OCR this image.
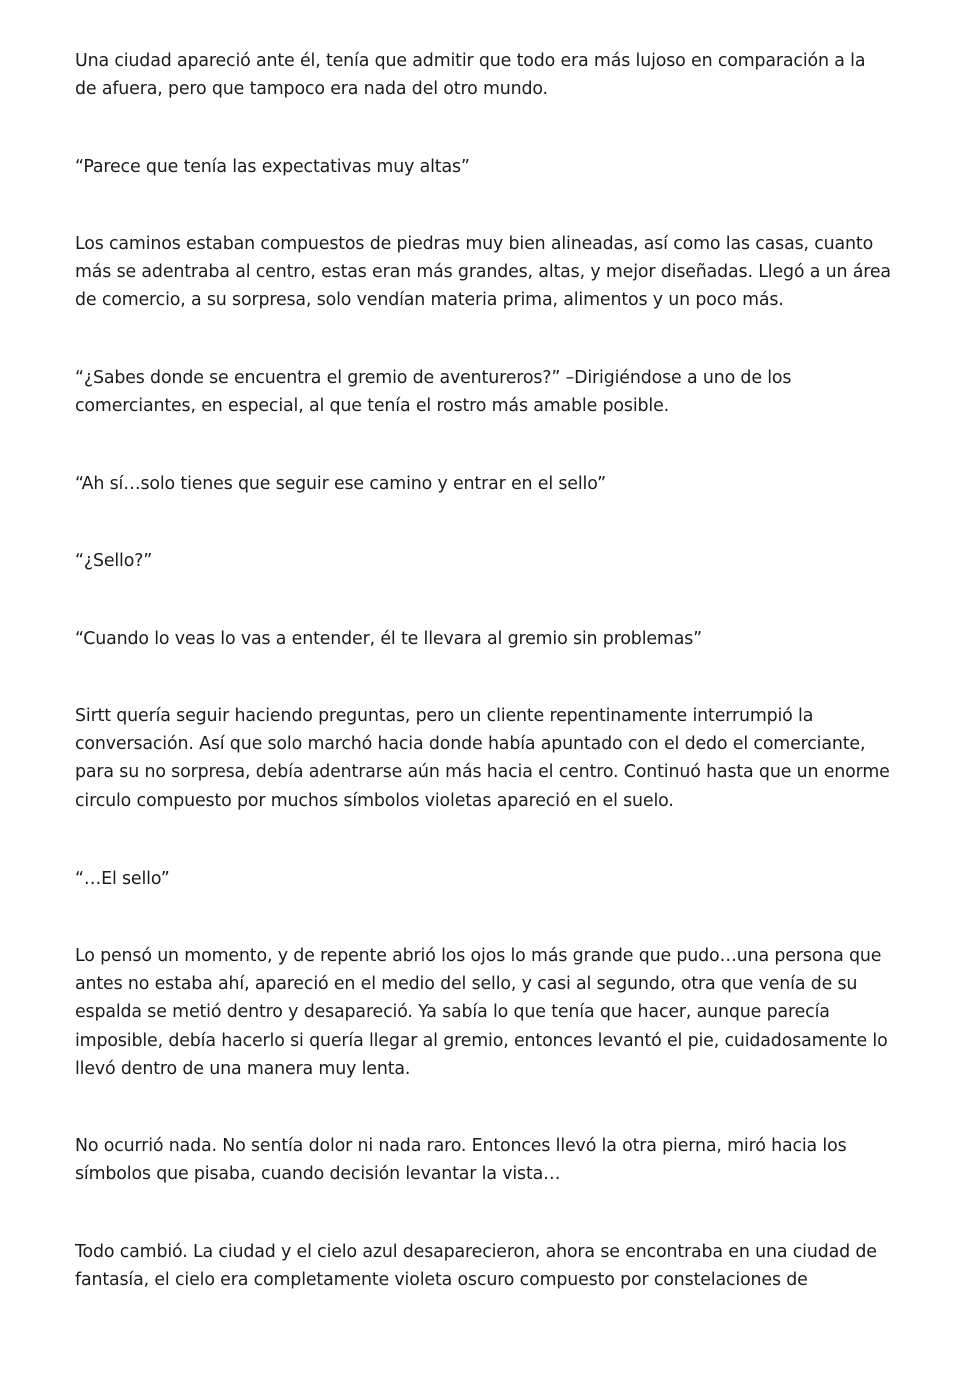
Una ciudad apareció ante él, tenía que admitir que todo era más lujoso en comparación a la
de afuera, pero que tampoco era nada del otro mundo.

“Parece que tenía las expectativas muy altas”

Los caminos estaban compuestos de piedras muy bien alineadas, así como las casas, cuanto
más se adentraba al centro, estas eran más grandes, altas, y mejor diseñadas. Llegó a un área
de comercio, a su sorpresa, solo vendían materia prima, alimentos y un poco más.

“¿Sabes donde se encuentra el gremio de aventureros?” –Dirigiéndose a uno de los
comerciantes, en especial, al que tenía el rostro más amable posible.

“Ah sí…solo tienes que seguir ese camino y entrar en el sello”

“¿Sello?”

“Cuando lo veas lo vas a entender, él te llevara al gremio sin problemas”

Sirtt quería seguir haciendo preguntas, pero un cliente repentinamente interrumpió la
conversación. Así que solo marchó hacia donde había apuntado con el dedo el comerciante,
para su no sorpresa, debía adentrarse aún más hacia el centro. Continuó hasta que un enorme
circulo compuesto por muchos símbolos violetas apareció en el suelo.

“…El sello”

Lo pensó un momento, y de repente abrió los ojos lo más grande que pudo…una persona que
antes no estaba ahí, apareció en el medio del sello, y casi al segundo, otra que venía de su
espalda se metió dentro y desapareció. Ya sabía lo que tenía que hacer, aunque parecía
imposible, debía hacerlo si quería llegar al gremio, entonces levantó el pie, cuidadosamente lo
llevó dentro de una manera muy lenta.

No ocurrió nada. No sentía dolor ni nada raro. Entonces llevó la otra pierna, miró hacia los
símbolos que pisaba, cuando decisión levantar la vista…

Todo cambió. La ciudad y el cielo azul desaparecieron, ahora se encontraba en una ciudad de
fantasía, el cielo era completamente violeta oscuro compuesto por constelaciones de
